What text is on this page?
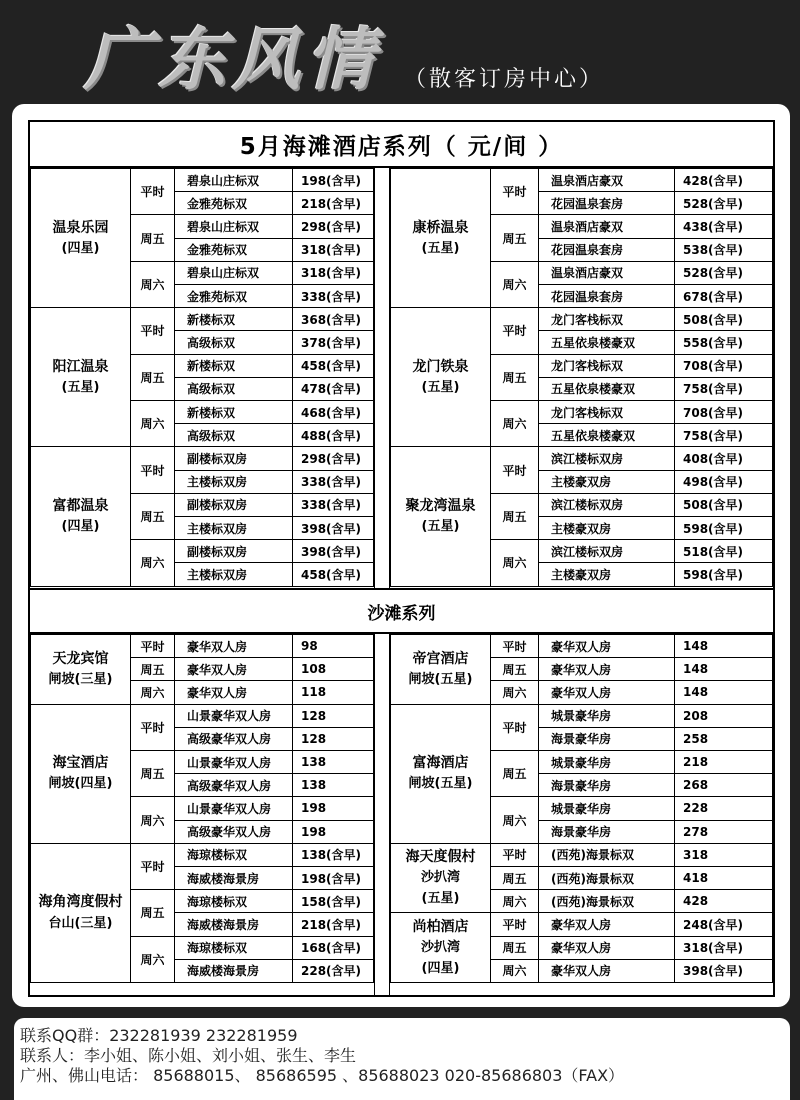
广东风情 （散客订房中心）
5月海滩酒店系列（ 元/间 ）
沙滩系列
温泉乐园
(四星)
平时
碧泉山庄标双	198(含早)
金雅苑标双	218(含早)
周五
碧泉山庄标双	298(含早)
金雅苑标双	318(含早)
周六
碧泉山庄标双	318(含早)
金雅苑标双	338(含早)
康桥温泉
(五星)
平时
温泉酒店豪双	428(含早)
花园温泉套房	528(含早)
周五
温泉酒店豪双	438(含早)
花园温泉套房	538(含早)
周六
温泉酒店豪双	528(含早)
花园温泉套房	678(含早)
阳江温泉
(五星)
平时
新楼标双	368(含早)
高级标双	378(含早)
周五
新楼标双	458(含早)
高级标双	478(含早)
周六
新楼标双	468(含早)
高级标双	488(含早)
龙门铁泉
(五星)
平时
龙门客栈标双	508(含早)
五星依泉楼豪双	558(含早)
周五
龙门客栈标双	708(含早)
五星依泉楼豪双	758(含早)
周六
龙门客栈标双	708(含早)
五星依泉楼豪双	758(含早)
富都温泉
(四星)
平时
副楼标双房	298(含早)
主楼标双房	338(含早)
周五
副楼标双房	338(含早)
主楼标双房	398(含早)
周六
副楼标双房	398(含早)
主楼标双房	458(含早)
聚龙湾温泉
(五星)
平时
滨江楼标双房	408(含早)
主楼豪双房	498(含早)
周五
滨江楼标双房	508(含早)
主楼豪双房	598(含早)
周六
滨江楼标双房	518(含早)
主楼豪双房	598(含早)
天龙宾馆
闸坡(三星)
平时	豪华双人房	98
周五	豪华双人房	108
周六	豪华双人房	118
帝宫酒店
闸坡(五星)
平时	豪华双人房	148
周五	豪华双人房	148
周六	豪华双人房	148
海宝酒店
闸坡(四星)
平时
山景豪华双人房	128
高级豪华双人房	128
周五
山景豪华双人房	138
高级豪华双人房	138
周六
山景豪华双人房	198
高级豪华双人房	198
富海酒店
闸坡(五星)
平时
城景豪华房	208
海景豪华房	258
周五
城景豪华房	218
海景豪华房	268
周六
城景豪华房	228
海景豪华房	278
海角湾度假村
台山(三星)
平时
海琼楼标双	138(含早)
海威楼海景房	198(含早)
周五
海琼楼标双	158(含早)
海威楼海景房	218(含早)
周六
海琼楼标双	168(含早)
海威楼海景房	228(含早)
海天度假村
沙扒湾
(五星)
平时	(西苑)海景标双	318
周五	(西苑)海景标双	418
周六	(西苑)海景标双	428
尚柏酒店
沙扒湾
(四星)
平时	豪华双人房	248(含早)
周五	豪华双人房	318(含早)
周六	豪华双人房	398(含早)
联系QQ群：232281939 232281959
联系人：李小姐、陈小姐、刘小姐、张生、李生
广州、佛山电话： 85688015、 85686595 、85688023 020-85686803（FAX）
